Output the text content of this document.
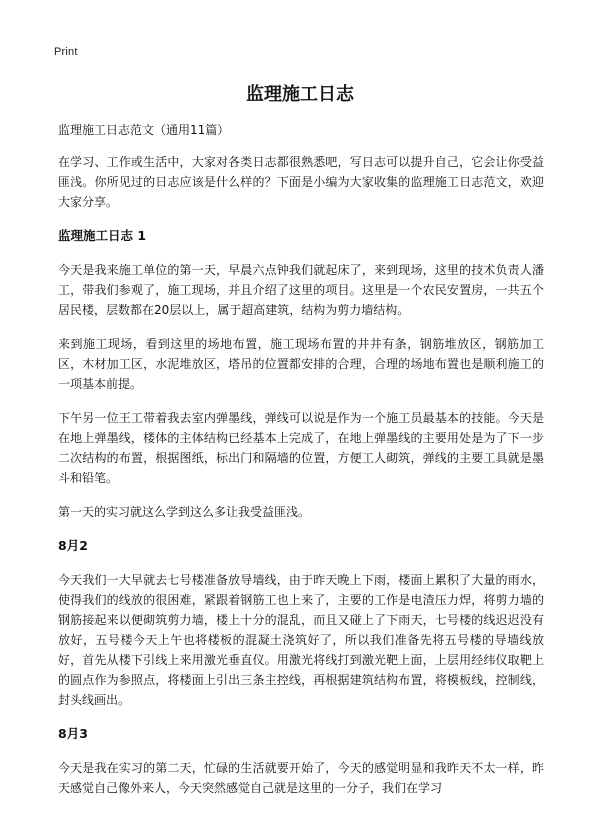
Print
监理施工日志
监理施工日志范文（通用11篇）

在学习、工作或生活中，大家对各类日志都很熟悉吧，写日志可以提升自己，它会让你受益匪浅。你所见过的日志应该是什么样的？下面是小编为大家收集的监理施工日志范文，欢迎大家分享。

监理施工日志 1

今天是我来施工单位的第一天，早晨六点钟我们就起床了，来到现场，这里的技术负责人潘工，带我们参观了，施工现场，并且介绍了这里的项目。这里是一个农民安置房，一共五个居民楼，层数都在20层以上，属于超高建筑，结构为剪力墙结构。

来到施工现场，看到这里的场地布置，施工现场布置的井井有条，钢筋堆放区，钢筋加工区，木材加工区，水泥堆放区，塔吊的位置都安排的合理，合理的场地布置也是顺利施工的一项基本前提。

下午另一位王工带着我去室内弹墨线，弹线可以说是作为一个施工员最基本的技能。今天是在地上弹墨线，楼体的主体结构已经基本上完成了，在地上弹墨线的主要用处是为了下一步二次结构的布置，根据图纸，标出门和隔墙的位置，方便工人砌筑，弹线的主要工具就是墨斗和铅笔。

第一天的实习就这么学到这么多让我受益匪浅。

8月2

今天我们一大早就去七号楼准备放导墙线，由于昨天晚上下雨，楼面上累积了大量的雨水，使得我们的线放的很困难，紧跟着钢筋工也上来了，主要的工作是电渣压力焊，将剪力墙的钢筋接起来以便砌筑剪力墙，楼上十分的混乱，而且又碰上了下雨天，七号楼的线迟迟没有放好，五号楼今天上午也将楼板的混凝土浇筑好了，所以我们准备先将五号楼的导墙线放好，首先从楼下引线上来用激光垂直仪。用激光将线打到激光靶上面，上层用经纬仪取靶上的圆点作为参照点，将楼面上引出三条主控线，再根据建筑结构布置，将模板线，控制线，封头线画出。

8月3

今天是我在实习的第二天，忙碌的生活就要开始了，今天的感觉明显和我昨天不太一样，昨天感觉自己像外来人，今天突然感觉自己就是这里的一分子，我们在学习
